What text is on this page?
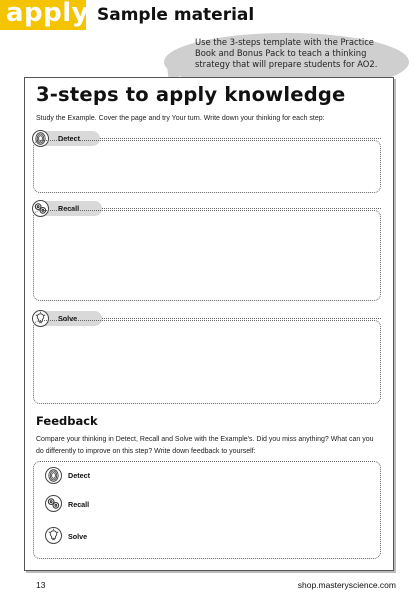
apply Sample material
Use the 3-steps template with the Practice Book and Bonus Pack to teach a thinking strategy that will prepare students for AO2.
3-steps to apply knowledge
Study the Example. Cover the page and try Your turn. Write down your thinking for each step:
Detect
Recall
Solve
Feedback
Compare your thinking in Detect, Recall and Solve with the Example's. Did you miss anything? What can you do differently to improve on this step? Write down feedback to yourself:
Detect
Recall
Solve
13	shop.masteryscience.com
